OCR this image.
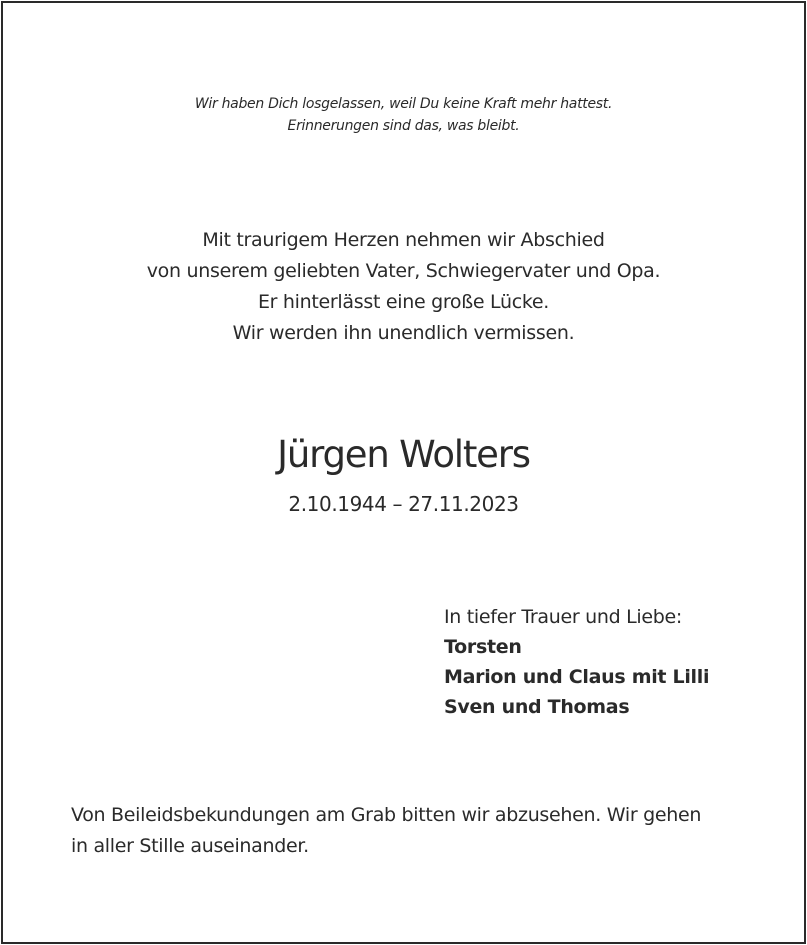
Wir haben Dich losgelassen, weil Du keine Kraft mehr hattest.
Erinnerungen sind das, was bleibt.
Mit traurigem Herzen nehmen wir Abschied
von unserem geliebten Vater, Schwiegervater und Opa.
Er hinterlässt eine große Lücke.
Wir werden ihn unendlich vermissen.
Jürgen Wolters
2.10.1944 – 27.11.2023
In tiefer Trauer und Liebe:
Torsten
Marion und Claus mit Lilli
Sven und Thomas
Von Beileidsbekundungen am Grab bitten wir abzusehen. Wir gehen
in aller Stille auseinander.
